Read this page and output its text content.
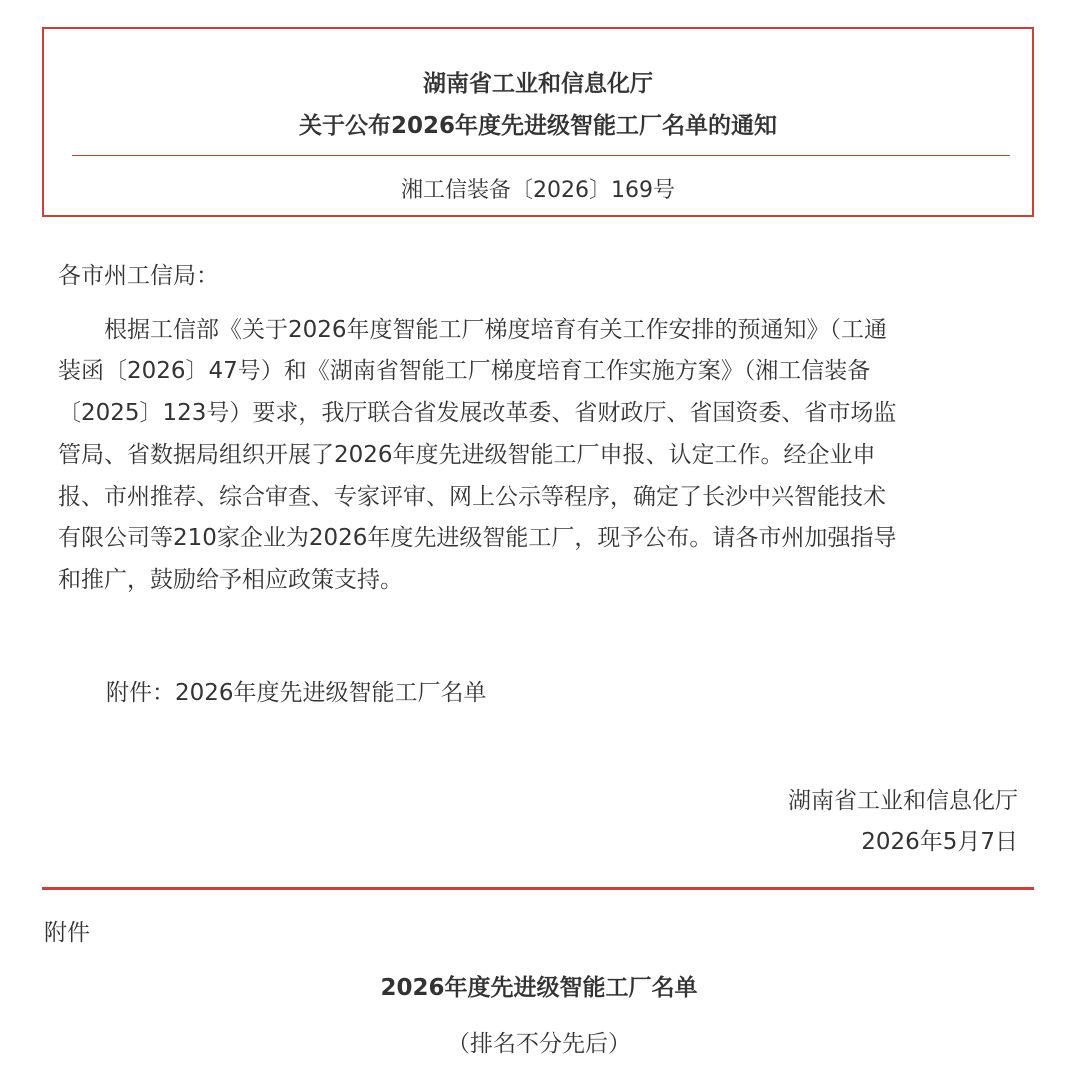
湖南省工业和信息化厅
关于公布2026年度先进级智能工厂名单的通知
湘工信装备〔2026〕169号
各市州工信局：
　　根据工信部《关于2026年度智能工厂梯度培育有关工作安排的预通知》（工通
装函〔2026〕47号）和《湖南省智能工厂梯度培育工作实施方案》（湘工信装备
〔2025〕123号）要求，我厅联合省发展改革委、省财政厅、省国资委、省市场监
管局、省数据局组织开展了2026年度先进级智能工厂申报、认定工作。经企业申
报、市州推荐、综合审查、专家评审、网上公示等程序，确定了长沙中兴智能技术
有限公司等210家企业为2026年度先进级智能工厂，现予公布。请各市州加强指导
和推广，鼓励给予相应政策支持。
附件：2026年度先进级智能工厂名单
湖南省工业和信息化厅
2026年5月7日
附件
2026年度先进级智能工厂名单
（排名不分先后）
